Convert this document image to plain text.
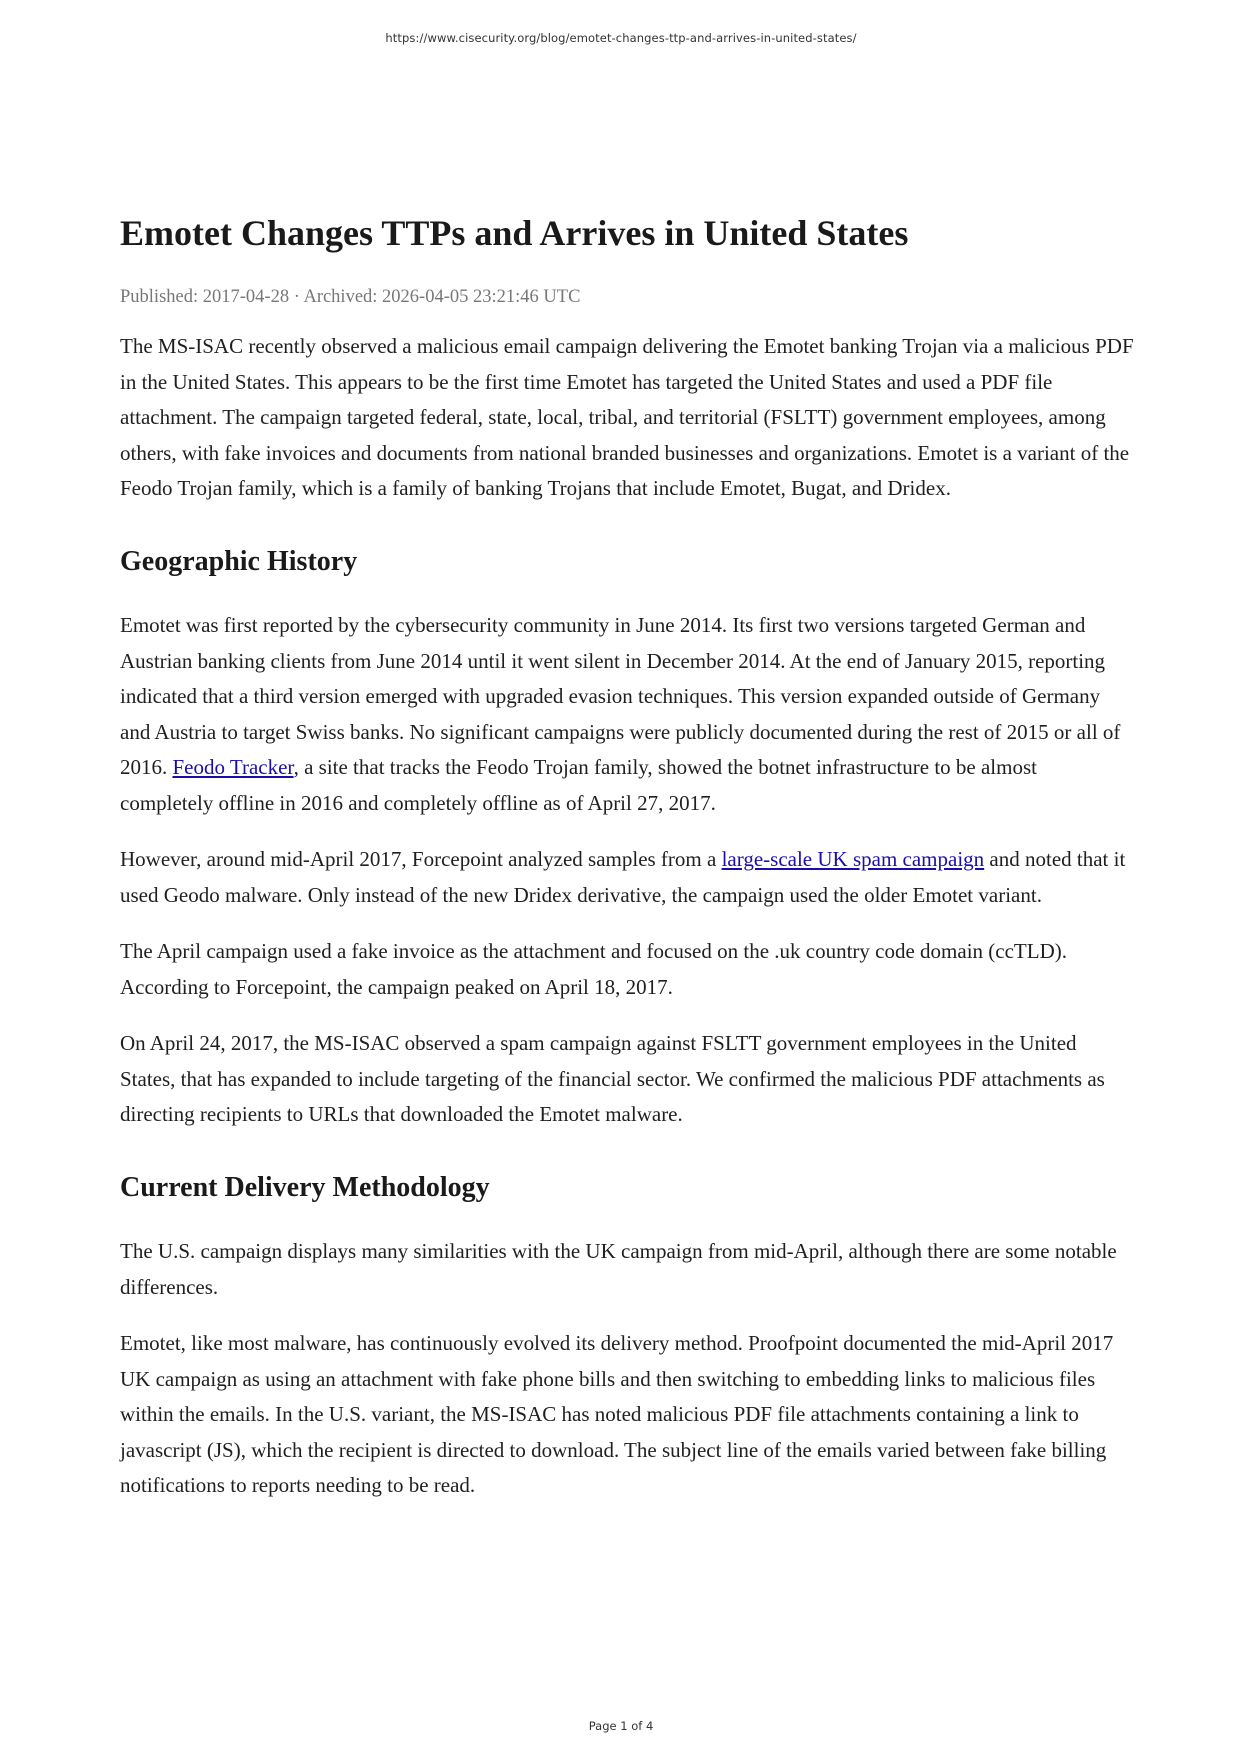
https://www.cisecurity.org/blog/emotet-changes-ttp-and-arrives-in-united-states/
Emotet Changes TTPs and Arrives in United States
Published: 2017-04-28 · Archived: 2026-04-05 23:21:46 UTC

The MS-ISAC recently observed a malicious email campaign delivering the Emotet banking Trojan via a malicious PDF in the United States. This appears to be the first time Emotet has targeted the United States and used a PDF file attachment. The campaign targeted federal, state, local, tribal, and territorial (FSLTT) government employees, among others, with fake invoices and documents from national branded businesses and organizations. Emotet is a variant of the Feodo Trojan family, which is a family of banking Trojans that include Emotet, Bugat, and Dridex.

Geographic History

Emotet was first reported by the cybersecurity community in June 2014. Its first two versions targeted German and Austrian banking clients from June 2014 until it went silent in December 2014. At the end of January 2015, reporting indicated that a third version emerged with upgraded evasion techniques. This version expanded outside of Germany and Austria to target Swiss banks. No significant campaigns were publicly documented during the rest of 2015 or all of 2016. Feodo Tracker, a site that tracks the Feodo Trojan family, showed the botnet infrastructure to be almost completely offline in 2016 and completely offline as of April 27, 2017.

However, around mid-April 2017, Forcepoint analyzed samples from a large-scale UK spam campaign and noted that it used Geodo malware. Only instead of the new Dridex derivative, the campaign used the older Emotet variant.

The April campaign used a fake invoice as the attachment and focused on the .uk country code domain (ccTLD). According to Forcepoint, the campaign peaked on April 18, 2017.

On April 24, 2017, the MS-ISAC observed a spam campaign against FSLTT government employees in the United States, that has expanded to include targeting of the financial sector. We confirmed the malicious PDF attachments as directing recipients to URLs that downloaded the Emotet malware.

Current Delivery Methodology

The U.S. campaign displays many similarities with the UK campaign from mid-April, although there are some notable differences.

Emotet, like most malware, has continuously evolved its delivery method. Proofpoint documented the mid-April 2017 UK campaign as using an attachment with fake phone bills and then switching to embedding links to malicious files within the emails. In the U.S. variant, the MS-ISAC has noted malicious PDF file attachments containing a link to javascript (JS), which the recipient is directed to download. The subject line of the emails varied between fake billing notifications to reports needing to be read.

Page 1 of 4
